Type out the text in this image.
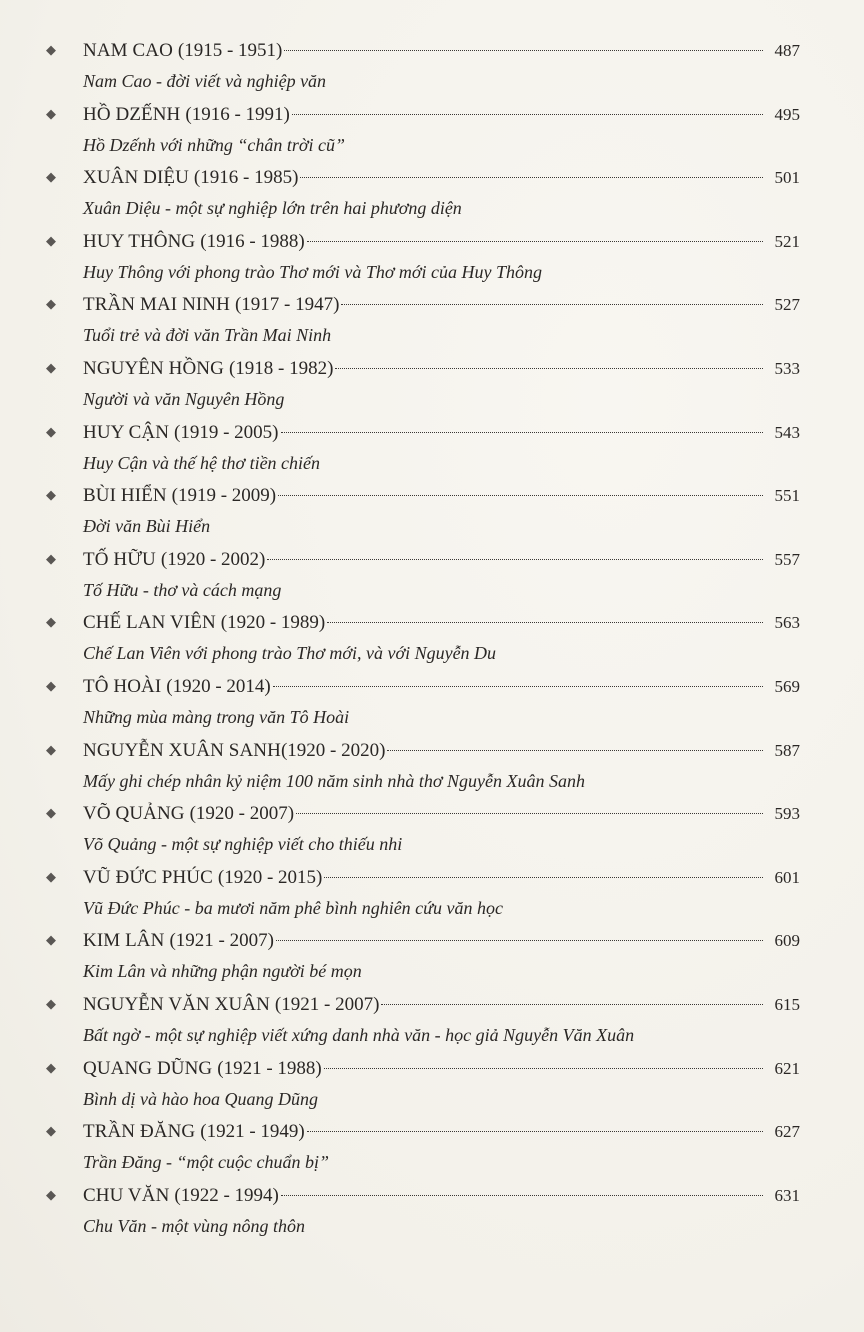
◆	NAM CAO (1915 - 1951)	487
Nam Cao - đời viết và nghiệp văn
◆	HỒ DZẾNH (1916 - 1991)	495
Hồ Dzếnh với những “chân trời cũ”
◆	XUÂN DIỆU (1916 - 1985)	501
Xuân Diệu - một sự nghiệp lớn trên hai phương diện
◆	HUY THÔNG (1916 - 1988)	521
Huy Thông với phong trào Thơ mới và Thơ mới của Huy Thông
◆	TRẦN MAI NINH (1917 - 1947)	527
Tuổi trẻ và đời văn Trần Mai Ninh
◆	NGUYÊN HỒNG (1918 - 1982)	533
Người và văn Nguyên Hồng
◆	HUY CẬN (1919 - 2005)	543
Huy Cận và thế hệ thơ tiền chiến
◆	BÙI HIỂN (1919 - 2009)	551
Đời văn Bùi Hiển
◆	TỐ HỮU (1920 - 2002)	557
Tố Hữu - thơ và cách mạng
◆	CHẾ LAN VIÊN (1920 - 1989)	563
Chế Lan Viên với phong trào Thơ mới, và với Nguyễn Du
◆	TÔ HOÀI (1920 - 2014)	569
Những mùa màng trong văn Tô Hoài
◆	NGUYỄN XUÂN SANH (1920 - 2020)	587
Mấy ghi chép nhân kỷ niệm 100 năm sinh nhà thơ Nguyễn Xuân Sanh
◆	VÕ QUẢNG (1920 - 2007)	593
Võ Quảng - một sự nghiệp viết cho thiếu nhi
◆	VŨ ĐỨC PHÚC (1920 - 2015)	601
Vũ Đức Phúc - ba mươi năm phê bình nghiên cứu văn học
◆	KIM LÂN (1921 - 2007)	609
Kim Lân và những phận người bé mọn
◆	NGUYỄN VĂN XUÂN (1921 - 2007)	615
Bất ngờ - một sự nghiệp viết xứng danh nhà văn - học giả Nguyễn Văn Xuân
◆	QUANG DŨNG (1921 - 1988)	621
Bình dị và hào hoa Quang Dũng
◆	TRẦN ĐĂNG (1921 - 1949)	627
Trần Đăng - “một cuộc chuẩn bị”
◆	CHU VĂN (1922 - 1994)	631
Chu Văn - một vùng nông thôn
